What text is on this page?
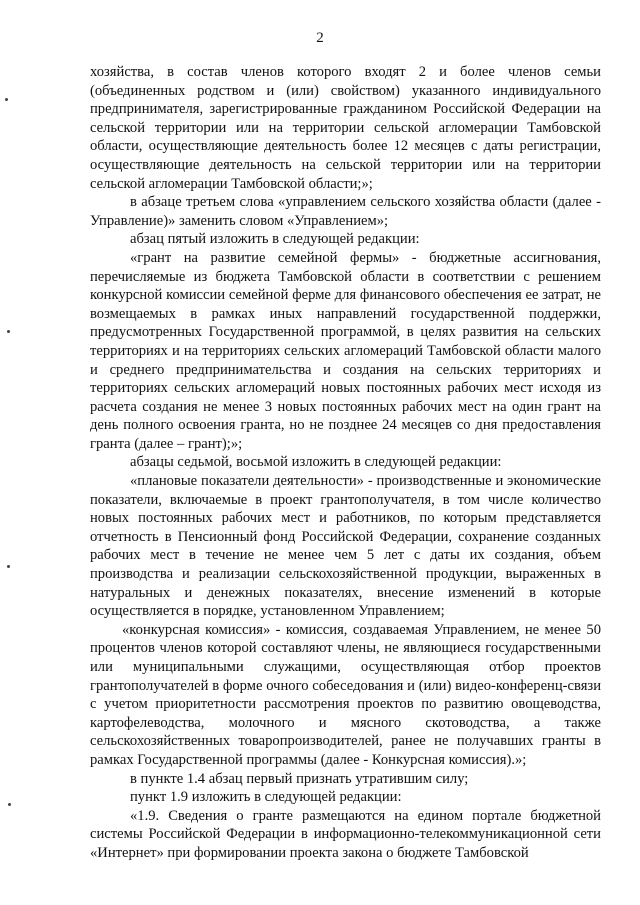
2

хозяйства, в состав членов которого входят 2 и более членов семьи (объединенных родством и (или) свойством) указанного индивидуального предпринимателя, зарегистрированные гражданином Российской Федерации на сельской территории или на территории сельской агломерации Тамбовской области, осуществляющие деятельность более 12 месяцев с даты регистрации, осуществляющие деятельность на сельской территории или на территории сельской агломерации Тамбовской области;»;

в абзаце третьем слова «управлением сельского хозяйства области (далее - Управление)» заменить словом «Управлением»;

абзац пятый изложить в следующей редакции:

«грант на развитие семейной фермы» - бюджетные ассигнования, перечисляемые из бюджета Тамбовской области в соответствии с решением конкурсной комиссии семейной ферме для финансового обеспечения ее затрат, не возмещаемых в рамках иных направлений государственной поддержки, предусмотренных Государственной программой, в целях развития на сельских территориях и на территориях сельских агломераций Тамбовской области малого и среднего предпринимательства и создания на сельских территориях и территориях сельских агломераций новых постоянных рабочих мест исходя из расчета создания не менее 3 новых постоянных рабочих мест на один грант на день полного освоения гранта, но не позднее 24 месяцев со дня предоставления гранта (далее – грант);»;

абзацы седьмой, восьмой изложить в следующей редакции:

«плановые показатели деятельности» - производственные и экономические показатели, включаемые в проект грантополучателя, в том числе количество новых постоянных рабочих мест и работников, по которым представляется отчетность в Пенсионный фонд Российской Федерации, сохранение созданных рабочих мест в течение не менее чем 5 лет с даты их создания, объем производства и реализации сельскохозяйственной продукции, выраженных в натуральных и денежных показателях, внесение изменений в которые осуществляется в порядке, установленном Управлением;

«конкурсная комиссия» - комиссия, создаваемая Управлением, не менее 50 процентов членов которой составляют члены, не являющиеся государственными или муниципальными служащими, осуществляющая отбор проектов грантополучателей в форме очного собеседования и (или) видео-конференц-связи с учетом приоритетности рассмотрения проектов по развитию овощеводства, картофелеводства, молочного и мясного скотоводства, а также сельскохозяйственных товаропроизводителей, ранее не получавших гранты в рамках Государственной программы (далее - Конкурсная комиссия).»;

в пункте 1.4 абзац первый признать утратившим силу;

пункт 1.9 изложить в следующей редакции:

«1.9. Сведения о гранте размещаются на едином портале бюджетной системы Российской Федерации в информационно-телекоммуникационной сети «Интернет» при формировании проекта закона о бюджете Тамбовской
